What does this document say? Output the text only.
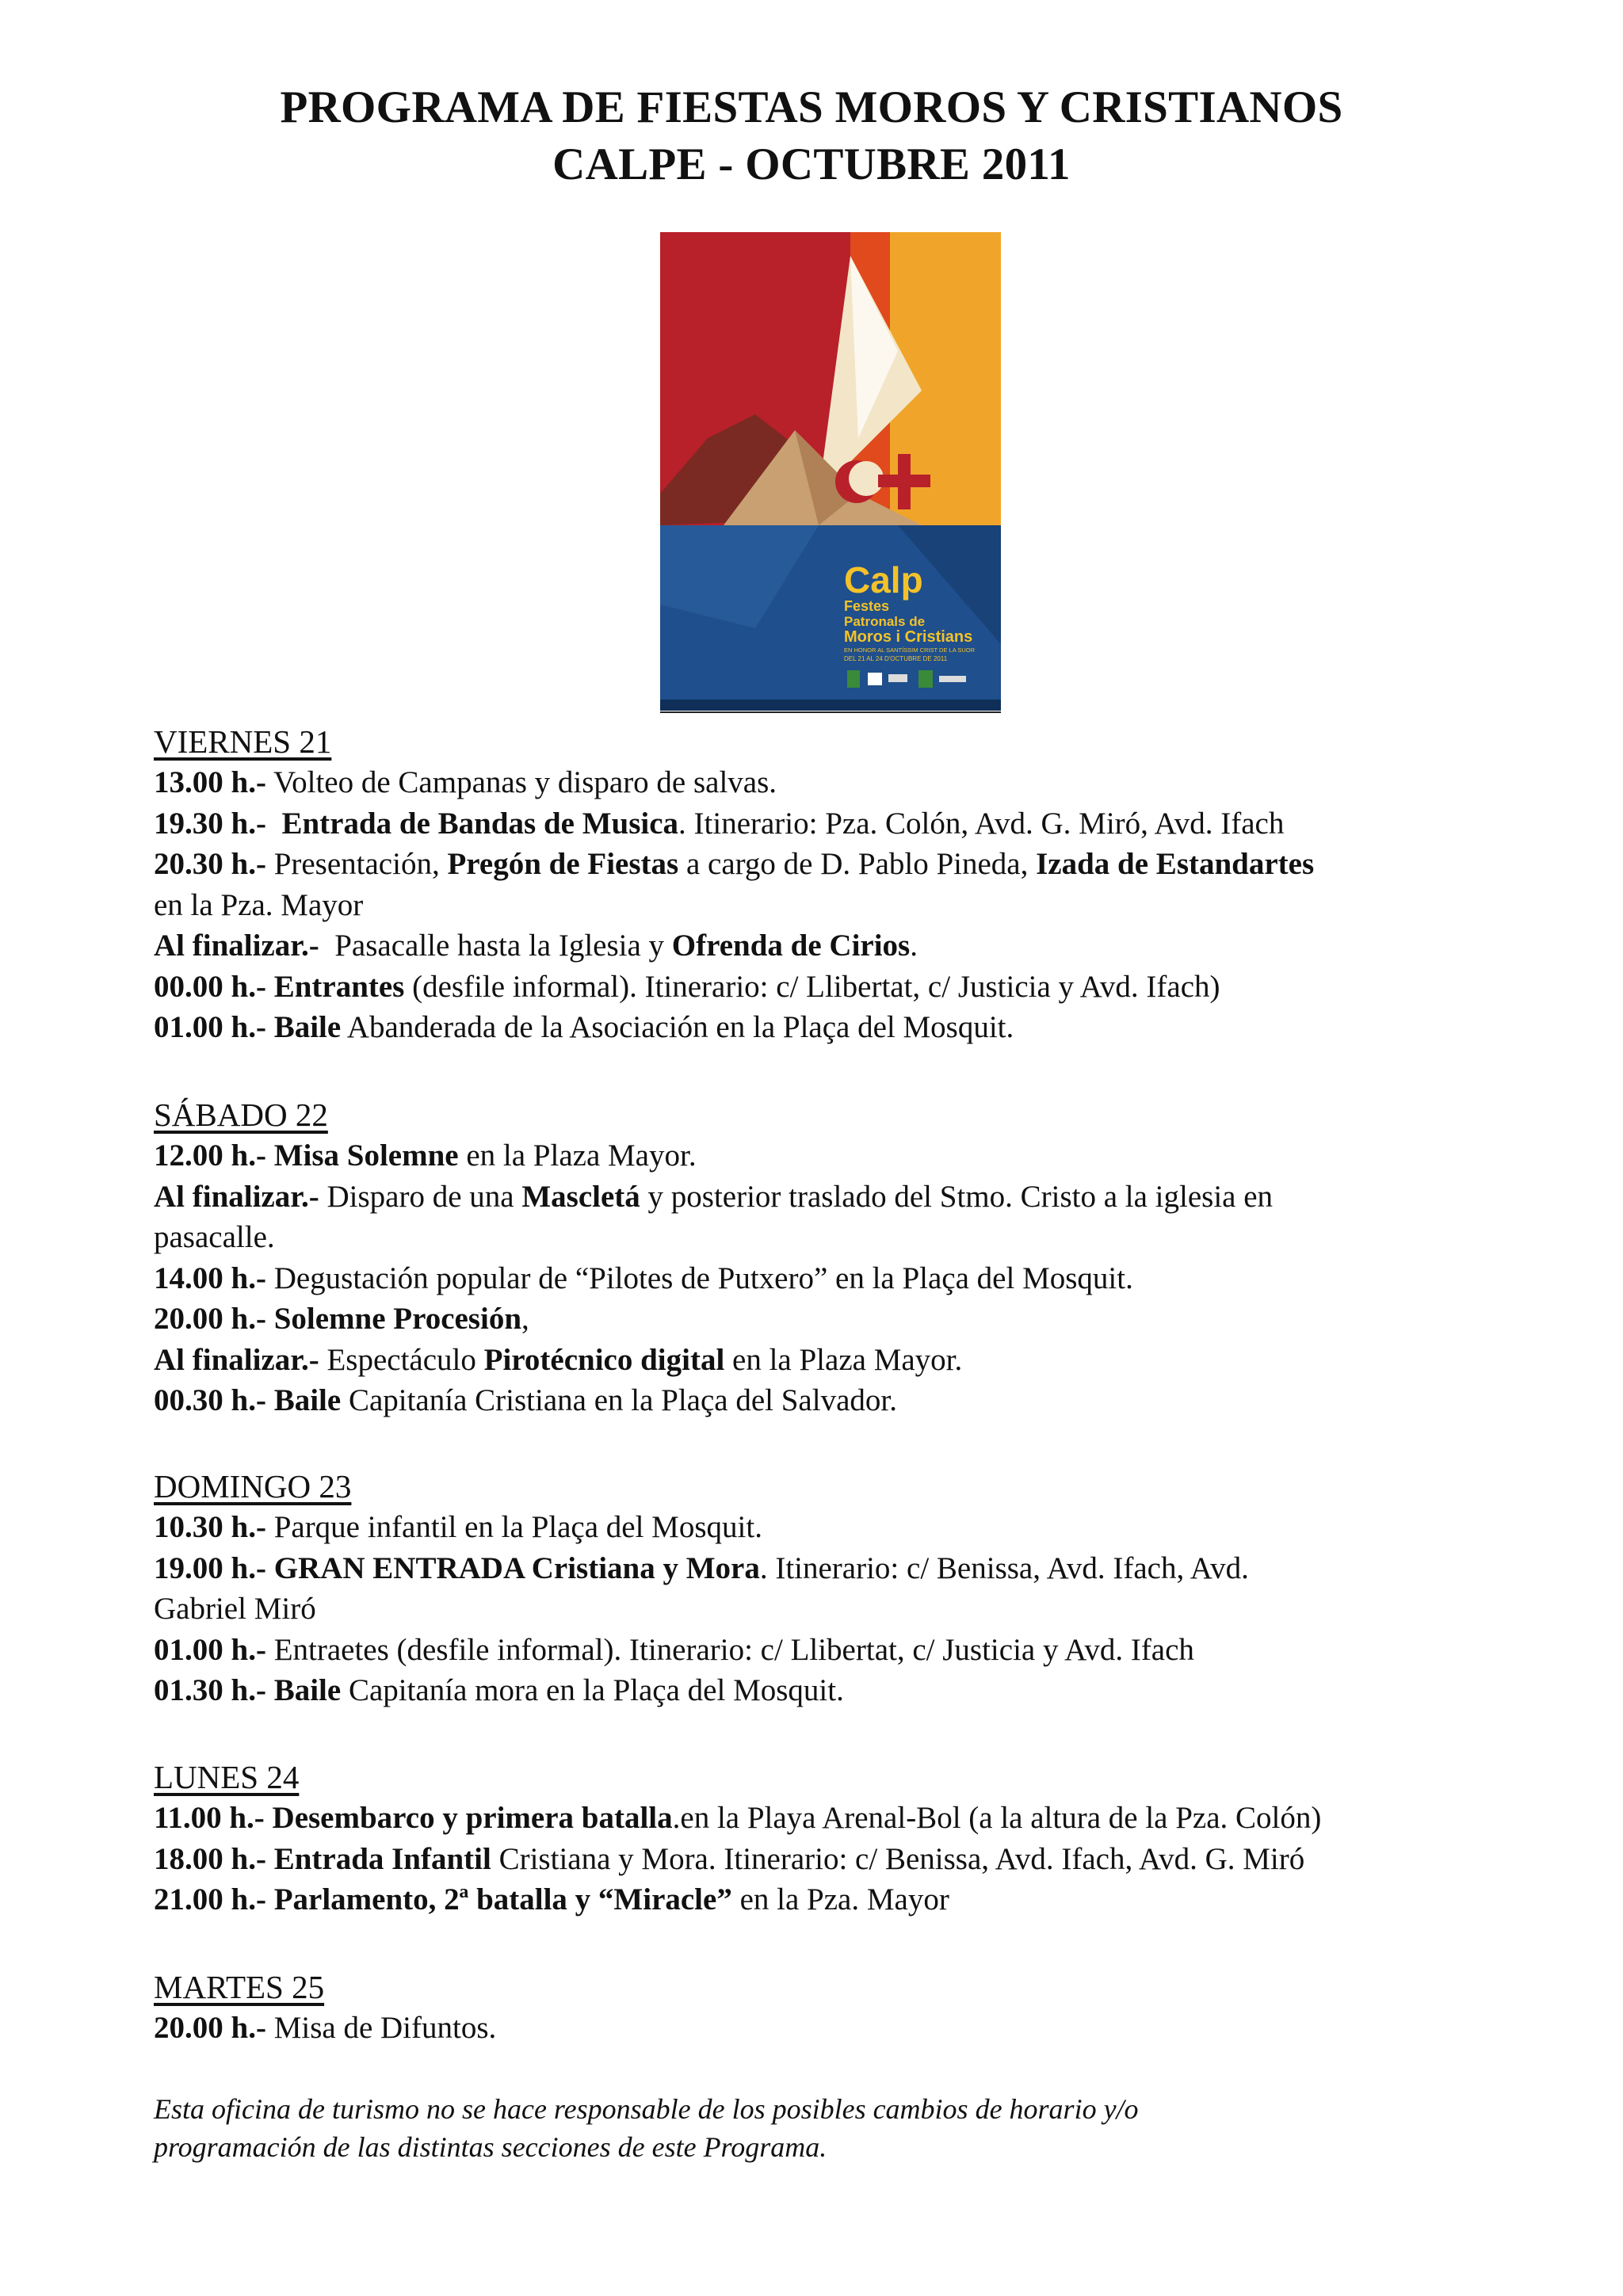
PROGRAMA DE FIESTAS MOROS Y CRISTIANOS
CALPE - OCTUBRE 2011
Calp
Festes
Patronals de
Moros i Cristians
EN HONOR AL SANTÍSSIM CRIST DE LA SUOR
DEL 21 AL 24 D'OCTUBRE DE 2011
VIERNES 21
13.00 h.- Volteo de Campanas y disparo de salvas.
19.30 h.- Entrada de Bandas de Musica. Itinerario: Pza. Colón, Avd. G. Miró, Avd. Ifach
20.30 h.- Presentación, Pregón de Fiestas a cargo de D. Pablo Pineda, Izada de Estandartes
en la Pza. Mayor
Al finalizar.-  Pasacalle hasta la Iglesia y Ofrenda de Cirios.
00.00 h.- Entrantes (desfile informal). Itinerario: c/ Llibertat, c/ Justicia y Avd. Ifach)
01.00 h.- Baile Abanderada de la Asociación en la Plaça del Mosquit.
SÁBADO 22
12.00 h.- Misa Solemne en la Plaza Mayor.
Al finalizar.- Disparo de una Mascletá y posterior traslado del Stmo. Cristo a la iglesia en
pasacalle.
14.00 h.- Degustación popular de “Pilotes de Putxero” en la Plaça del Mosquit.
20.00 h.- Solemne Procesión,
Al finalizar.- Espectáculo Pirotécnico digital en la Plaza Mayor.
00.30 h.- Baile Capitanía Cristiana en la Plaça del Salvador.
DOMINGO 23
10.30 h.- Parque infantil en la Plaça del Mosquit.
19.00 h.- GRAN ENTRADA Cristiana y Mora. Itinerario: c/ Benissa, Avd. Ifach, Avd.
Gabriel Miró
01.00 h.- Entraetes (desfile informal). Itinerario: c/ Llibertat, c/ Justicia y Avd. Ifach
01.30 h.- Baile Capitanía mora en la Plaça del Mosquit.
LUNES 24
11.00 h.- Desembarco y primera batalla.en la Playa Arenal-Bol (a la altura de la Pza. Colón)
18.00 h.- Entrada Infantil Cristiana y Mora. Itinerario: c/ Benissa, Avd. Ifach, Avd. G. Miró
21.00 h.- Parlamento, 2ª batalla y “Miracle” en la Pza. Mayor
MARTES 25
20.00 h.- Misa de Difuntos.
Esta oficina de turismo no se hace responsable de los posibles cambios de horario y/o
programación de las distintas secciones de este Programa.
